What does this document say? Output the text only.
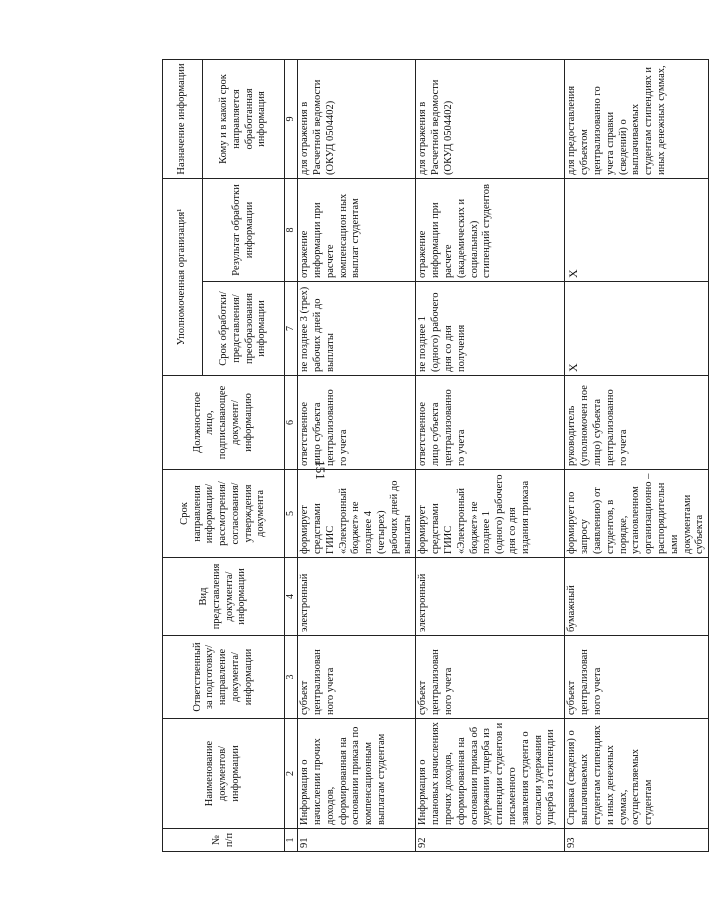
151
№ п/п	Наименование документов/ информации	Ответственный за подготовку/ направление документа/ информации	Вид представления документа/ информации	Срок направления информации/ рассмотрения/ согласования/ утверждения документа	Должностное лицо, подписывающее документ/ информацию	Уполномоченная организация¹		Назначение информации
						Срок обработки/ представления/ преобразования информации	Результат обработки информации	Кому и в какой срок направляется обработанная информация
1	2	3	4	5	6	7	8	9
91	Информация о начислении прочих доходов, сформированная на основании приказа по компенсационным выплатам студентам	субъект централизован ного учета	электронный	формирует средствами ГИИС «Электронный бюджет» не позднее 4 (четырех) рабочих дней до выплаты	ответственное лицо субъекта централизованно го учета	не позднее 3 (трех) рабочих дней до выплаты	отражение информации при расчете компенсацион ных выплат студентам	для отражения в Расчетной ведомости (ОКУД 0504402)
92	Информация о плановых начислениях прочих доходов, сформированная на основании приказа об удержании ущерба из стипендии студентов и письменного заявления студента о согласии удержания ущерба из стипендии	субъект централизован ного учета	электронный	формирует средствами ГИИС «Электронный бюджет» не позднее 1 (одного) рабочего дня со дня издания приказа	ответственное лицо субъекта централизованно го учета	не позднее 1 (одного) рабочего дня со дня получения	отражение информации при расчете (академических и социальных) стипендий студентов	для отражения в Расчетной ведомости (ОКУД 0504402)
93	Справка (сведения) о выплачиваемых студентам стипендиях и иных денежных суммах, осуществляемых студентам	субъект централизован ного учета	бумажный	формирует по запросу (заявлению) от студентов, в порядке, установленном организационно – распорядительн ыми документами субъекта	руководитель (уполномочен ное лицо) субъекта централизованно го учета	X	X	для предоставления субъектом централизованно го учета справки (сведений) о выплачиваемых студентам стипендиях и иных денежных суммах,
